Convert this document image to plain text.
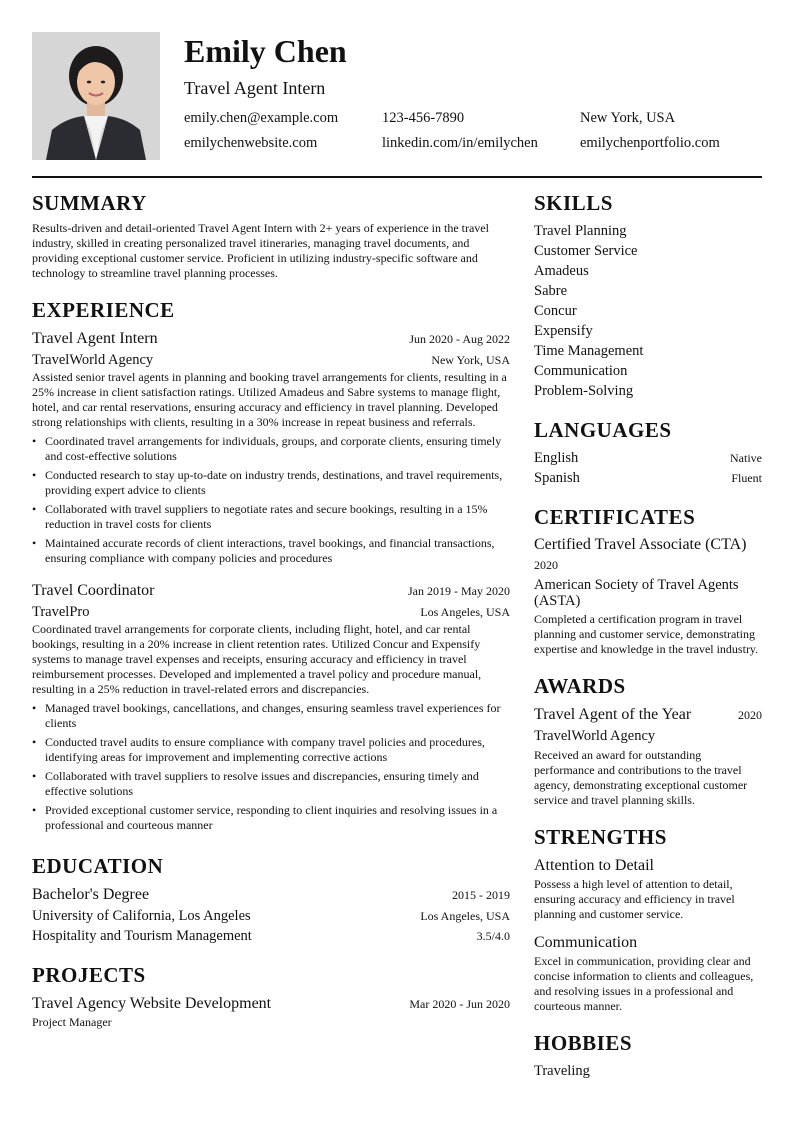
Emily Chen
Travel Agent Intern
emily.chen@example.com	123-456-7890	New York, USA
emilychenwebsite.com	linkedin.com/in/emilychen	emilychenportfolio.com
SUMMARY

Results-driven and detail-oriented Travel Agent Intern with 2+ years of experience in the travel industry, skilled in creating personalized travel itineraries, managing travel documents, and providing exceptional customer service. Proficient in utilizing industry-specific software and technology to streamline travel planning processes.

EXPERIENCE
Travel Agent Intern	Jun 2020 - Aug 2022
TravelWorld Agency	New York, USA

Assisted senior travel agents in planning and booking travel arrangements for clients, resulting in a 25% increase in client satisfaction ratings. Utilized Amadeus and Sabre systems to manage flight, hotel, and car rental reservations, ensuring accuracy and efficiency in travel planning. Developed strong relationships with clients, resulting in a 30% increase in repeat business and referrals.

• Coordinated travel arrangements for individuals, groups, and corporate clients, ensuring timely and cost-effective solutions
• Conducted research to stay up-to-date on industry trends, destinations, and travel requirements, providing expert advice to clients
• Collaborated with travel suppliers to negotiate rates and secure bookings, resulting in a 15% reduction in travel costs for clients
• Maintained accurate records of client interactions, travel bookings, and financial transactions, ensuring compliance with company policies and procedures
Travel Coordinator	Jan 2019 - May 2020
TravelPro	Los Angeles, USA

Coordinated travel arrangements for corporate clients, including flight, hotel, and car rental bookings, resulting in a 20% increase in client retention rates. Utilized Concur and Expensify systems to manage travel expenses and receipts, ensuring accuracy and efficiency in travel reimbursement processes. Developed and implemented a travel policy and procedure manual, resulting in a 25% reduction in travel-related errors and discrepancies.

• Managed travel bookings, cancellations, and changes, ensuring seamless travel experiences for clients
• Conducted travel audits to ensure compliance with company travel policies and procedures, identifying areas for improvement and implementing corrective actions
• Collaborated with travel suppliers to resolve issues and discrepancies, ensuring timely and effective solutions
• Provided exceptional customer service, responding to client inquiries and resolving issues in a professional and courteous manner
EDUCATION
Bachelor's Degree	2015 - 2019
University of California, Los Angeles	Los Angeles, USA
Hospitality and Tourism Management	3.5/4.0
PROJECTS
Travel Agency Website Development	Mar 2020 - Jun 2020
Project Manager
SKILLS
Travel Planning
Customer Service
Amadeus
Sabre
Concur
Expensify
Time Management
Communication
Problem-Solving
LANGUAGES
English	Native
Spanish	Fluent
CERTIFICATES
Certified Travel Associate (CTA)
2020
American Society of Travel Agents (ASTA)

Completed a certification program in travel planning and customer service, demonstrating expertise and knowledge in the travel industry.

AWARDS
Travel Agent of the Year	2020
TravelWorld Agency

Received an award for outstanding performance and contributions to the travel agency, demonstrating exceptional customer service and travel planning skills.

STRENGTHS
Attention to Detail

Possess a high level of attention to detail, ensuring accuracy and efficiency in travel planning and customer service.

Communication

Excel in communication, providing clear and concise information to clients and colleagues, and resolving issues in a professional and courteous manner.

HOBBIES
Traveling
